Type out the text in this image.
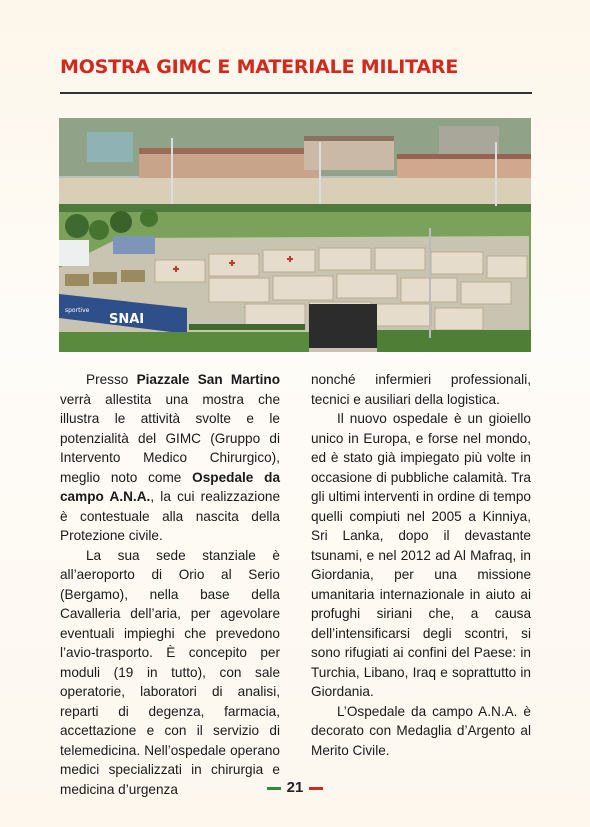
MOSTRA GIMC E MATERIALE MILITARE
SNAI
sportive

Presso Piazzale San Martino verrà allestita una mostra che illustra le attività svolte e le potenzialità del GIMC (Gruppo di Intervento Medico Chirurgico), meglio noto come Ospedale da campo A.N.A., la cui realizzazione è contestuale alla nascita della Protezione civile.

La sua sede stanziale è all’aeroporto di Orio al Serio (Bergamo), nella base della Cavalleria dell’aria, per agevolare eventuali impieghi che prevedono l’avio-trasporto. È concepito per moduli (19 in tutto), con sale operatorie, laboratori di analisi, reparti di degenza, farmacia, accettazione e con il servizio di telemedicina. Nell’ospedale operano medici specializzati in chirurgia e medicina d’urgenza

nonché infermieri professionali, tecnici e ausiliari della logistica.

Il nuovo ospedale è un gioiello unico in Europa, e forse nel mondo, ed è stato già impiegato più volte in occasione di pubbliche calamità. Tra gli ultimi interventi in ordine di tempo quelli compiuti nel 2005 a Kinniya, Sri Lanka, dopo il devastante tsunami, e nel 2012 ad Al Mafraq, in Giordania, per una missione umanitaria internazionale in aiuto ai profughi siriani che, a causa dell’intensificarsi degli scontri, si sono rifugiati ai confini del Paese: in Turchia, Libano, Iraq e soprattutto in Giordania.

L’Ospedale da campo A.N.A. è decorato con Medaglia d’Argento al Merito Civile.

21
